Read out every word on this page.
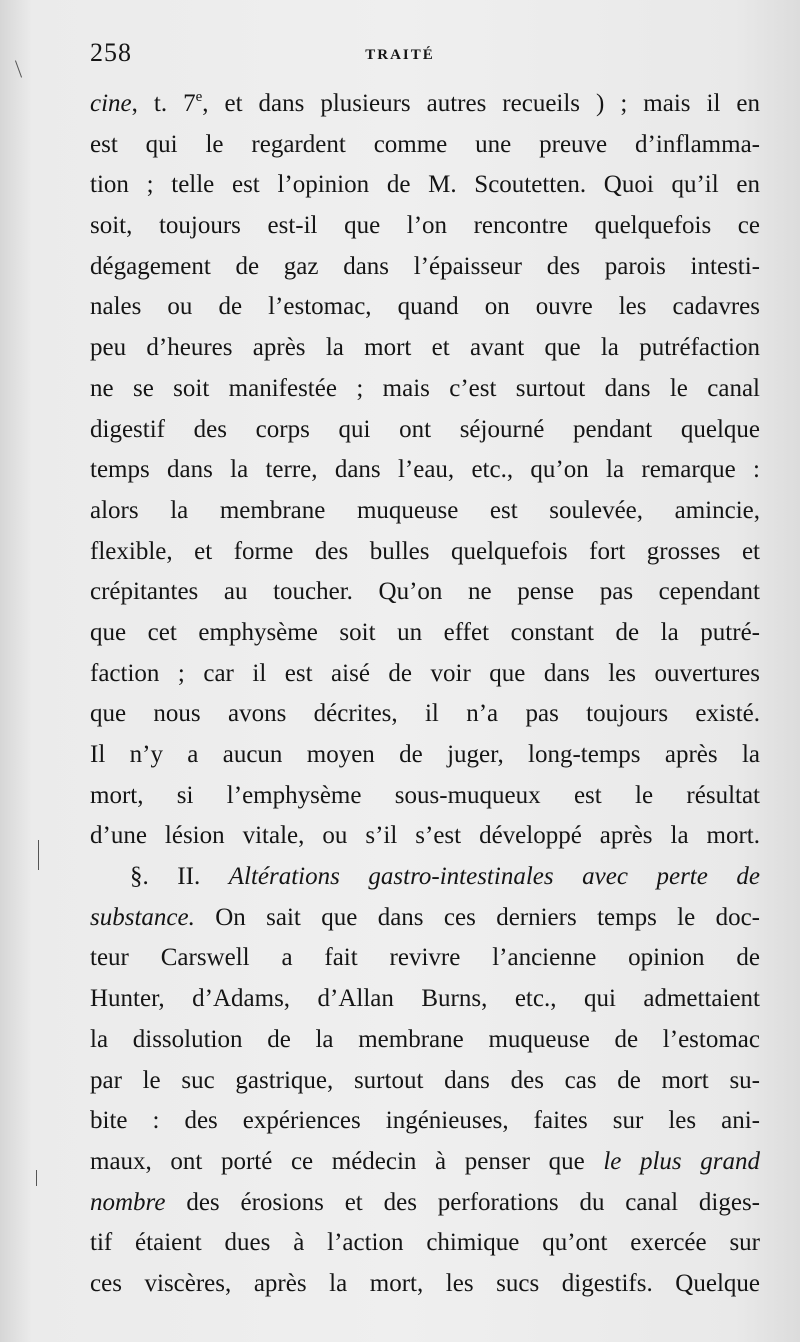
258	TRAITÉ
cine, t. 7e, et dans plusieurs autres recueils ) ; mais il en
est qui le regardent comme une preuve d’inflamma-
tion ; telle est l’opinion de M. Scoutetten. Quoi qu’il en
soit, toujours est-il que l’on rencontre quelquefois ce
dégagement de gaz dans l’épaisseur des parois intesti-
nales ou de l’estomac, quand on ouvre les cadavres
peu d’heures après la mort et avant que la putréfaction
ne se soit manifestée ; mais c’est surtout dans le canal
digestif des corps qui ont séjourné pendant quelque
temps dans la terre, dans l’eau, etc., qu’on la remarque :
alors la membrane muqueuse est soulevée, amincie,
flexible, et forme des bulles quelquefois fort grosses et
crépitantes au toucher. Qu’on ne pense pas cependant
que cet emphysème soit un effet constant de la putré-
faction ; car il est aisé de voir que dans les ouvertures
que nous avons décrites, il n’a pas toujours existé.
Il n’y a aucun moyen de juger, long-temps après la
mort, si l’emphysème sous-muqueux est le résultat
d’une lésion vitale, ou s’il s’est développé après la mort.
§. II. Altérations gastro-intestinales avec perte de
substance. On sait que dans ces derniers temps le doc-
teur Carswell a fait revivre l’ancienne opinion de
Hunter, d’Adams, d’Allan Burns, etc., qui admettaient
la dissolution de la membrane muqueuse de l’estomac
par le suc gastrique, surtout dans des cas de mort su-
bite : des expériences ingénieuses, faites sur les ani-
maux, ont porté ce médecin à penser que le plus grand
nombre des érosions et des perforations du canal diges-
tif étaient dues à l’action chimique qu’ont exercée sur
ces viscères, après la mort, les sucs digestifs. Quelque
